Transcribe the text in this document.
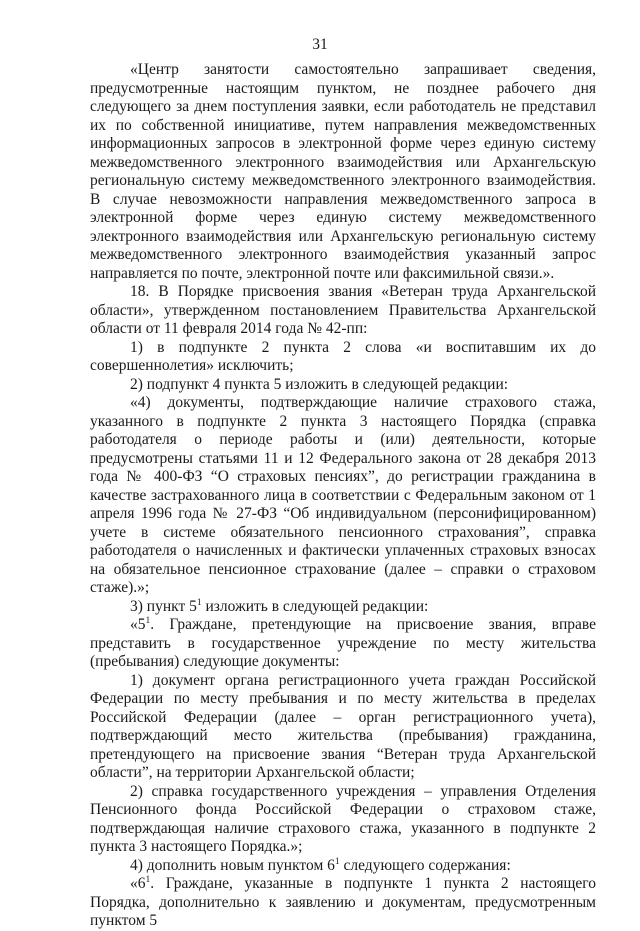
31

«Центр занятости самостоятельно запрашивает сведения, предусмотренные настоящим пунктом, не позднее рабочего дня следующего за днем поступления заявки, если работодатель не представил их по собственной инициативе, путем направления межведомственных информационных запросов в электронной форме через единую систему межведомственного электронного взаимодействия или Архангельскую региональную систему межведомственного электронного взаимодействия. В случае невозможности направления межведомственного запроса в электронной форме через единую систему межведомственного электронного взаимодействия или Архангельскую региональную систему межведомственного электронного взаимодействия указанный запрос направляется по почте, электронной почте или факсимильной связи.».

18. В Порядке присвоения звания «Ветеран труда Архангельской области», утвержденном постановлением Правительства Архангельской области от 11 февраля 2014 года № 42-пп:

1) в подпункте 2 пункта 2 слова «и воспитавшим их до совершеннолетия» исключить;

2) подпункт 4 пункта 5 изложить в следующей редакции:

«4) документы, подтверждающие наличие страхового стажа, указанного в подпункте 2 пункта 3 настоящего Порядка (справка работодателя о периоде работы и (или) деятельности, которые предусмотрены статьями 11 и 12 Федерального закона от 28 декабря 2013 года № 400-ФЗ “О страховых пенсиях”, до регистрации гражданина в качестве застрахованного лица в соответствии с Федеральным законом от 1 апреля 1996 года № 27-ФЗ “Об индивидуальном (персонифицированном) учете в системе обязательного пенсионного страхования”, справка работодателя о начисленных и фактически уплаченных страховых взносах на обязательное пенсионное страхование (далее – справки о страховом стаже).»;

3) пункт $5^1$ изложить в следующей редакции:

«$5^1$. Граждане, претендующие на присвоение звания, вправе представить в государственное учреждение по месту жительства (пребывания) следующие документы:

1) документ органа регистрационного учета граждан Российской Федерации по месту пребывания и по месту жительства в пределах Российской Федерации (далее – орган регистрационного учета), подтверждающий место жительства (пребывания) гражданина, претендующего на присвоение звания “Ветеран труда Архангельской области”, на территории Архангельской области;

2) справка государственного учреждения – управления Отделения Пенсионного фонда Российской Федерации о страховом стаже, подтверждающая наличие страхового стажа, указанного в подпункте 2 пункта 3 настоящего Порядка.»;

4) дополнить новым пунктом $6^1$ следующего содержания:

«$6^1$. Граждане, указанные в подпункте 1 пункта 2 настоящего Порядка, дополнительно к заявлению и документам, предусмотренным пунктом 5
